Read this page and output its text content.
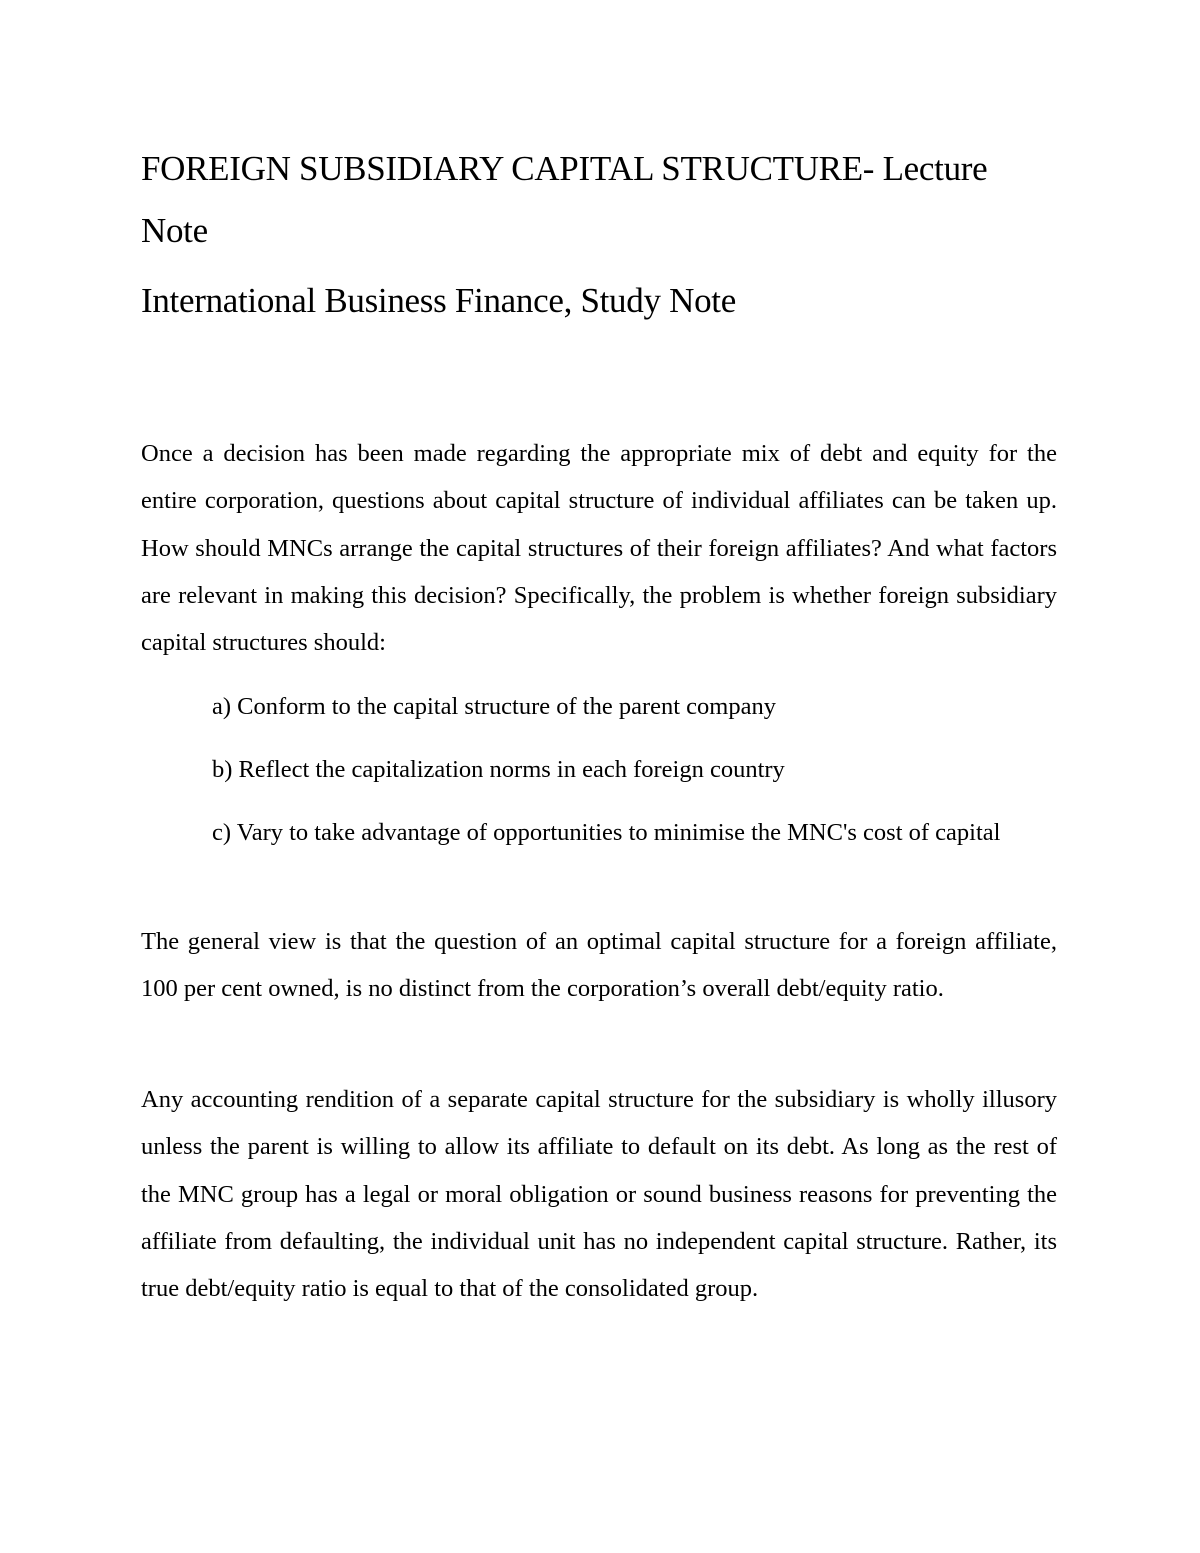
FOREIGN SUBSIDIARY CAPITAL STRUCTURE- Lecture Note
International Business Finance, Study Note

Once a decision has been made regarding the appropriate mix of debt and equity for the entire corporation, questions about capital structure of individual affiliates can be taken up. How should MNCs arrange the capital structures of their foreign affiliates? And what factors are relevant in making this decision? Specifically, the problem is whether foreign subsidiary capital structures should:

a) Conform to the capital structure of the parent company

b) Reflect the capitalization norms in each foreign country

c) Vary to take advantage of opportunities to minimise the MNC's cost of capital

The general view is that the question of an optimal capital structure for a foreign affiliate, 100 per cent owned, is no distinct from the corporation’s overall debt/equity ratio.

Any accounting rendition of a separate capital structure for the subsidiary is wholly illusory unless the parent is willing to allow its affiliate to default on its debt. As long as the rest of the MNC group has a legal or moral obligation or sound business reasons for preventing the affiliate from defaulting, the individual unit has no independent capital structure. Rather, its true debt/equity ratio is equal to that of the consolidated group.
